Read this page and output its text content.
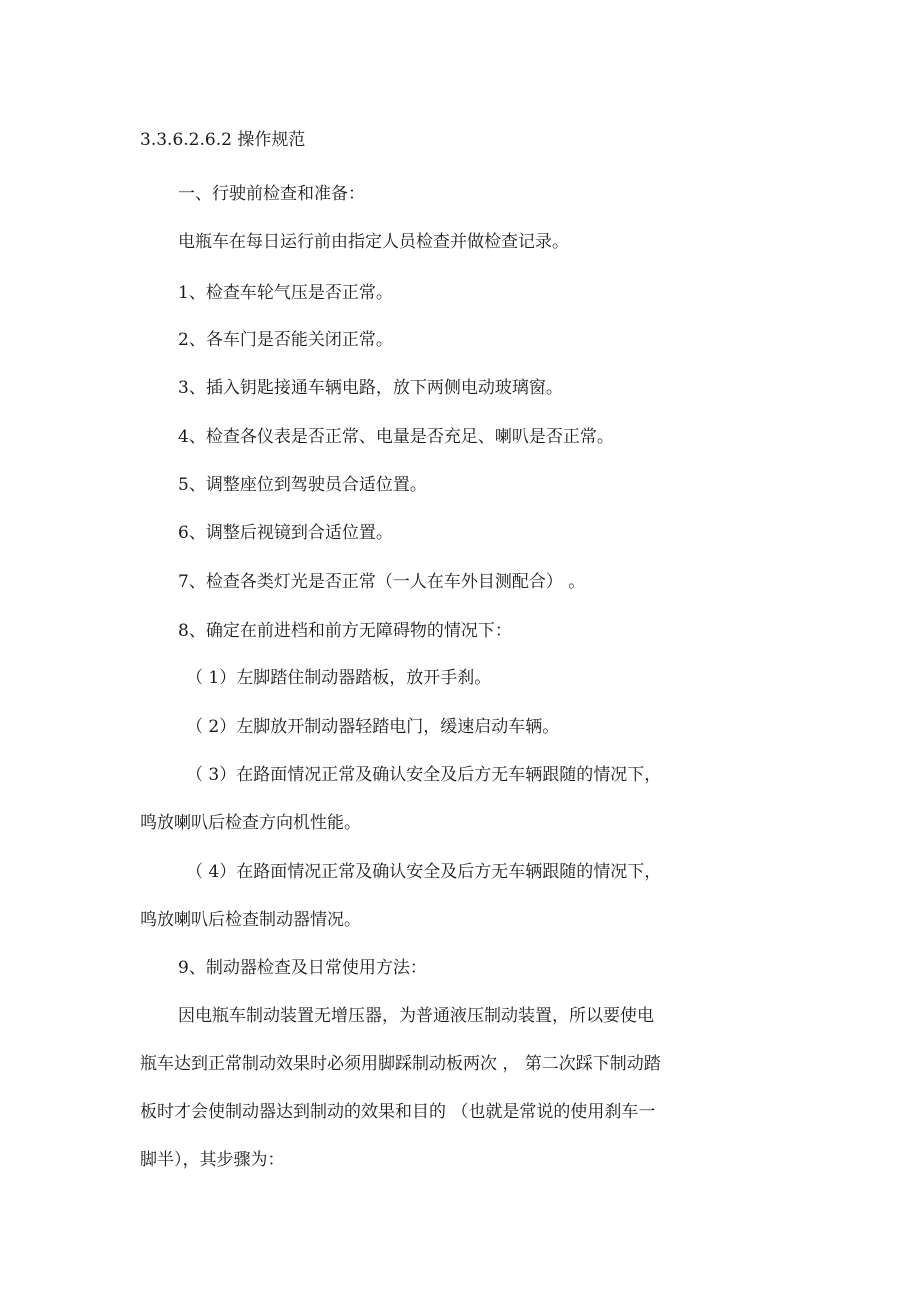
3.3.6.2.6.2 操作规范
一、行驶前检查和准备：
电瓶车在每日运行前由指定人员检查并做检查记录。
1、检查车轮气压是否正常。
2、各车门是否能关闭正常。
3、插入钥匙接通车辆电路，放下两侧电动玻璃窗。
4、检查各仪表是否正常、电量是否充足、喇叭是否正常。
5、调整座位到驾驶员合适位置。
6、调整后视镜到合适位置。
7、检查各类灯光是否正常（一人在车外目测配合） 。
8、确定在前进档和前方无障碍物的情况下：
（ 1）左脚踏住制动器踏板，放开手刹。
（ 2）左脚放开制动器轻踏电门，缓速启动车辆。
（ 3）在路面情况正常及确认安全及后方无车辆跟随的情况下，
鸣放喇叭后检查方向机性能。
（ 4）在路面情况正常及确认安全及后方无车辆跟随的情况下，
鸣放喇叭后检查制动器情况。
9、制动器检查及日常使用方法：
因电瓶车制动装置无增压器，为普通液压制动装置，所以要使电
瓶车达到正常制动效果时必须用脚踩制动板两次 ， 第二次踩下制动踏
板时才会使制动器达到制动的效果和目的 （也就是常说的使用刹车一
脚半），其步骤为：
